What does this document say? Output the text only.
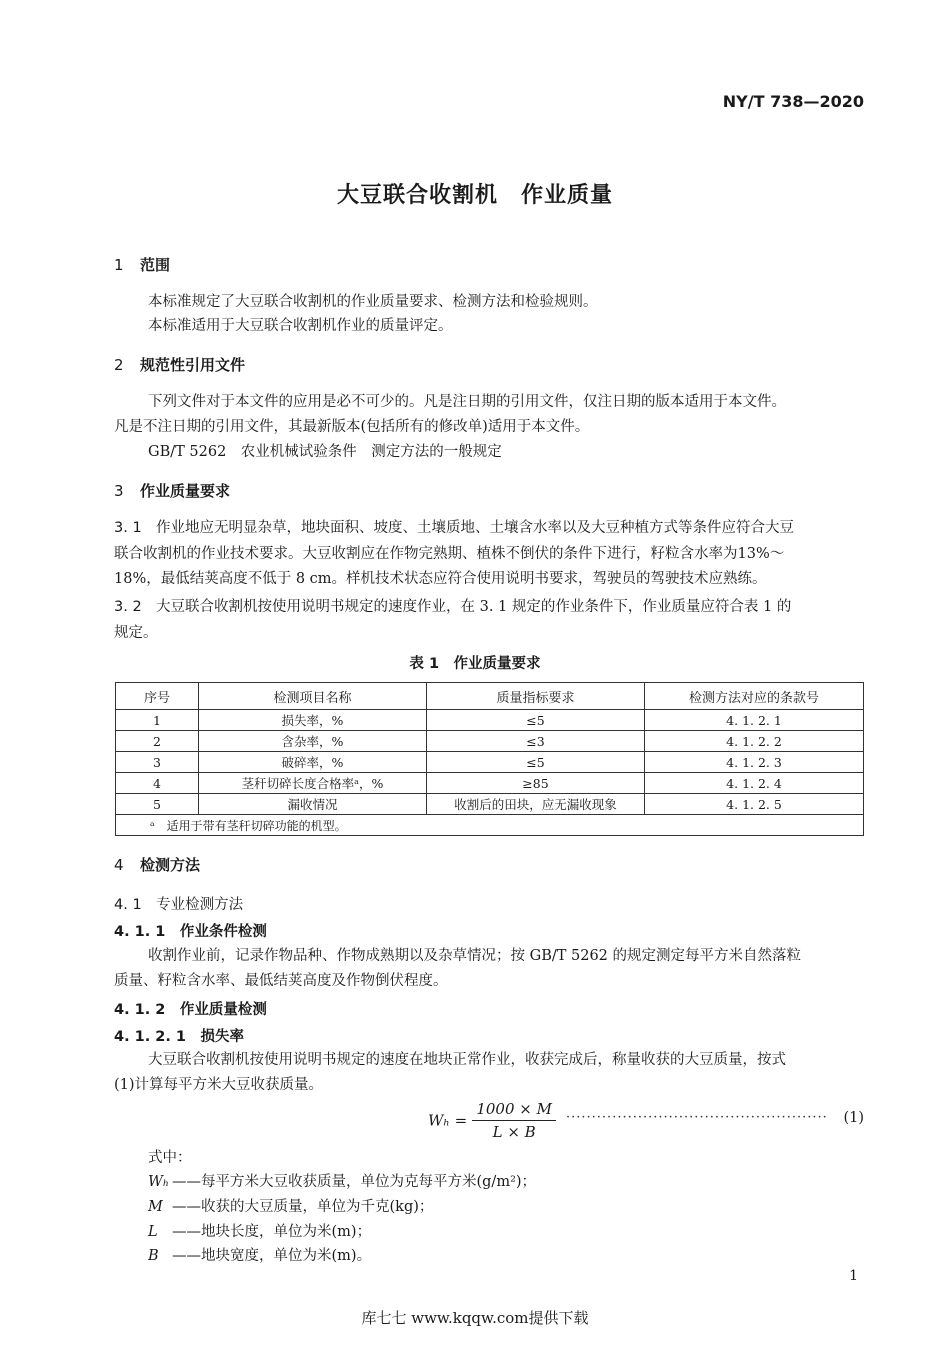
NY/T 738—2020
大豆联合收割机　作业质量
1 范围
本标准规定了大豆联合收割机的作业质量要求、检测方法和检验规则。
本标准适用于大豆联合收割机作业的质量评定。
2 规范性引用文件
下列文件对于本文件的应用是必不可少的。凡是注日期的引用文件，仅注日期的版本适用于本文件。
凡是不注日期的引用文件，其最新版本(包括所有的修改单)适用于本文件。
GB/T 5262　农业机械试验条件　测定方法的一般规定
3 作业质量要求
3. 1 作业地应无明显杂草，地块面积、坡度、土壤质地、土壤含水率以及大豆种植方式等条件应符合大豆
联合收割机的作业技术要求。大豆收割应在作物完熟期、植株不倒伏的条件下进行，籽粒含水率为13%～
18%，最低结荚高度不低于 8 cm。样机技术状态应符合使用说明书要求，驾驶员的驾驶技术应熟练。
3. 2 大豆联合收割机按使用说明书规定的速度作业，在 3. 1 规定的作业条件下，作业质量应符合表 1 的
规定。
表 1　作业质量要求
序号	检测项目名称	质量指标要求	检测方法对应的条款号
1	损失率，%	≤5	4. 1. 2. 1
2	含杂率，%	≤3	4. 1. 2. 2
3	破碎率，%	≤5	4. 1. 2. 3
4	茎秆切碎长度合格率ᵃ，%	≥85	4. 1. 2. 4
5	漏收情况	收割后的田块，应无漏收现象	4. 1. 2. 5
ᵃ　适用于带有茎秆切碎功能的机型。			
4 检测方法
4. 1　专业检测方法
4. 1. 1　作业条件检测
收割作业前，记录作物品种、作物成熟期以及杂草情况；按 GB/T 5262 的规定测定每平方米自然落粒
质量、籽粒含水率、最低结荚高度及作物倒伏程度。
4. 1. 2　作业质量检测
4. 1. 2. 1　损失率
大豆联合收割机按使用说明书规定的速度在地块正常作业，收获完成后，称量收获的大豆质量，按式
(1)计算每平方米大豆收获质量。
$W_h = \frac{1000 \times M}{L \times B}$ ··················································· (1)
式中：
Wₕ ——每平方米大豆收获质量，单位为克每平方米(g/m²)；
M ——收获的大豆质量，单位为千克(kg)；
L ——地块长度，单位为米(m)；
B ——地块宽度，单位为米(m)。
1
库七七 www.kqqw.com提供下载
